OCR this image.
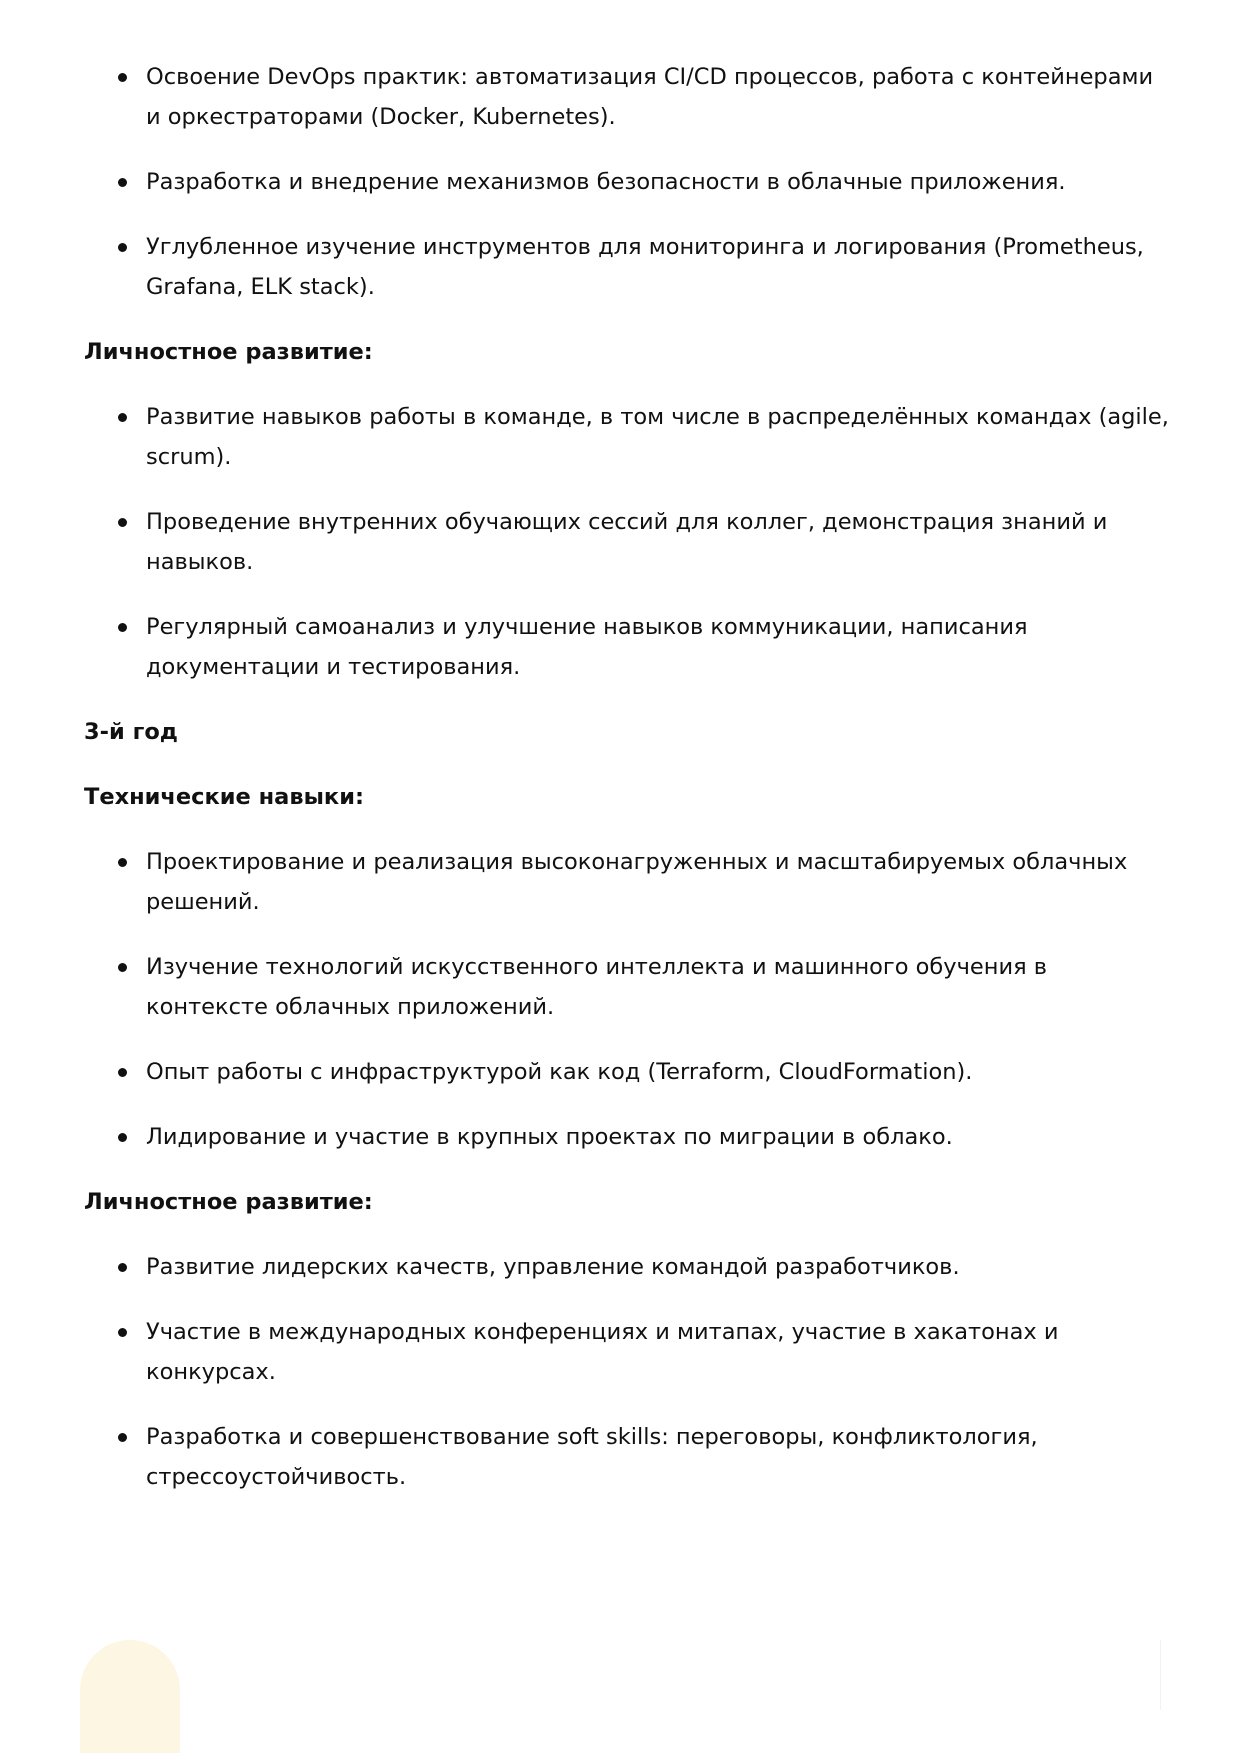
Освоение DevOps практик: автоматизация CI/CD процессов, работа с контейнерами и оркестраторами (Docker, Kubernetes).
Разработка и внедрение механизмов безопасности в облачные приложения.
Углубленное изучение инструментов для мониторинга и логирования (Prometheus, Grafana, ELK stack).
Личностное развитие:
Развитие навыков работы в команде, в том числе в распределённых командах (agile, scrum).
Проведение внутренних обучающих сессий для коллег, демонстрация знаний и навыков.
Регулярный самоанализ и улучшение навыков коммуникации, написания документации и тестирования.
3-й год
Технические навыки:
Проектирование и реализация высоконагруженных и масштабируемых облачных решений.
Изучение технологий искусственного интеллекта и машинного обучения в контексте облачных приложений.
Опыт работы с инфраструктурой как код (Terraform, CloudFormation).
Лидирование и участие в крупных проектах по миграции в облако.
Личностное развитие:
Развитие лидерских качеств, управление командой разработчиков.
Участие в международных конференциях и митапах, участие в хакатонах и конкурсах.
Разработка и совершенствование soft skills: переговоры, конфликтология, стрессоустойчивость.
